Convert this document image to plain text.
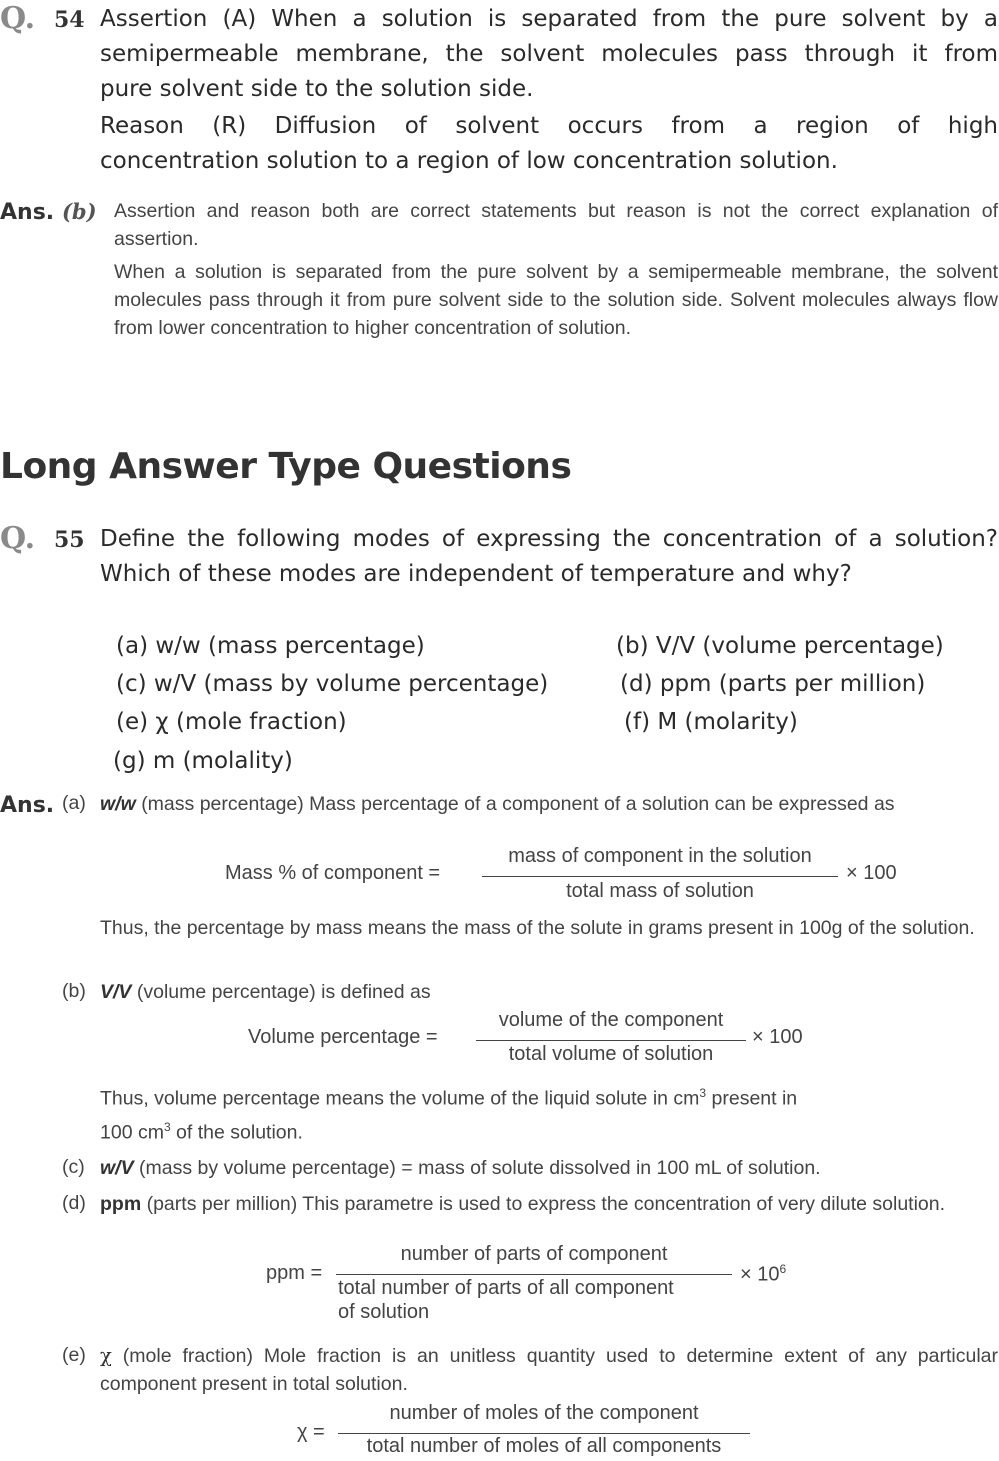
Q. 54 Assertion (A) When a solution is separated from the pure solvent by a
semipermeable membrane, the solvent molecules pass through it from
pure solvent side to the solution side.
Reason (R) Diffusion of solvent occurs from a region of high
concentration solution to a region of low concentration solution.
Ans. (b) Assertion and reason both are correct statements but reason is not the correct explanation of assertion.
When a solution is separated from the pure solvent by a semipermeable membrane, the solvent molecules pass through it from pure solvent side to the solution side. Solvent molecules always flow from lower concentration to higher concentration of solution.
Long Answer Type Questions
Q. 55 Define the following modes of expressing the concentration of a solution? Which of these modes are independent of temperature and why?
(a) w/w (mass percentage)	(b) V/V (volume percentage)
(c) w/V (mass by volume percentage)	(d) ppm (parts per million)
(e) χ (mole fraction)	(f) M (molarity)
(g) m (molality)
Ans. (a) w/w (mass percentage) Mass percentage of a component of a solution can be expressed as
Mass % of component =
mass of component in the solution
total mass of solution
× 100
Thus, the percentage by mass means the mass of the solute in grams present in 100g of the solution.
(b) V/V (volume percentage) is defined as
Volume percentage =
volume of the component
total volume of solution
× 100
Thus, volume percentage means the volume of the liquid solute in $cm^3$ present in
100 $cm^3$ of the solution.
(c) w/V (mass by volume percentage) = mass of solute dissolved in 100 mL of solution.
(d) ppm (parts per million) This parametre is used to express the concentration of very dilute solution.
ppm =
number of parts of component
total number of parts of all component
of solution
× $10^6$
(e) χ (mole fraction) Mole fraction is an unitless quantity used to determine extent of any particular component present in total solution.
χ =
number of moles of the component
total number of moles of all components
